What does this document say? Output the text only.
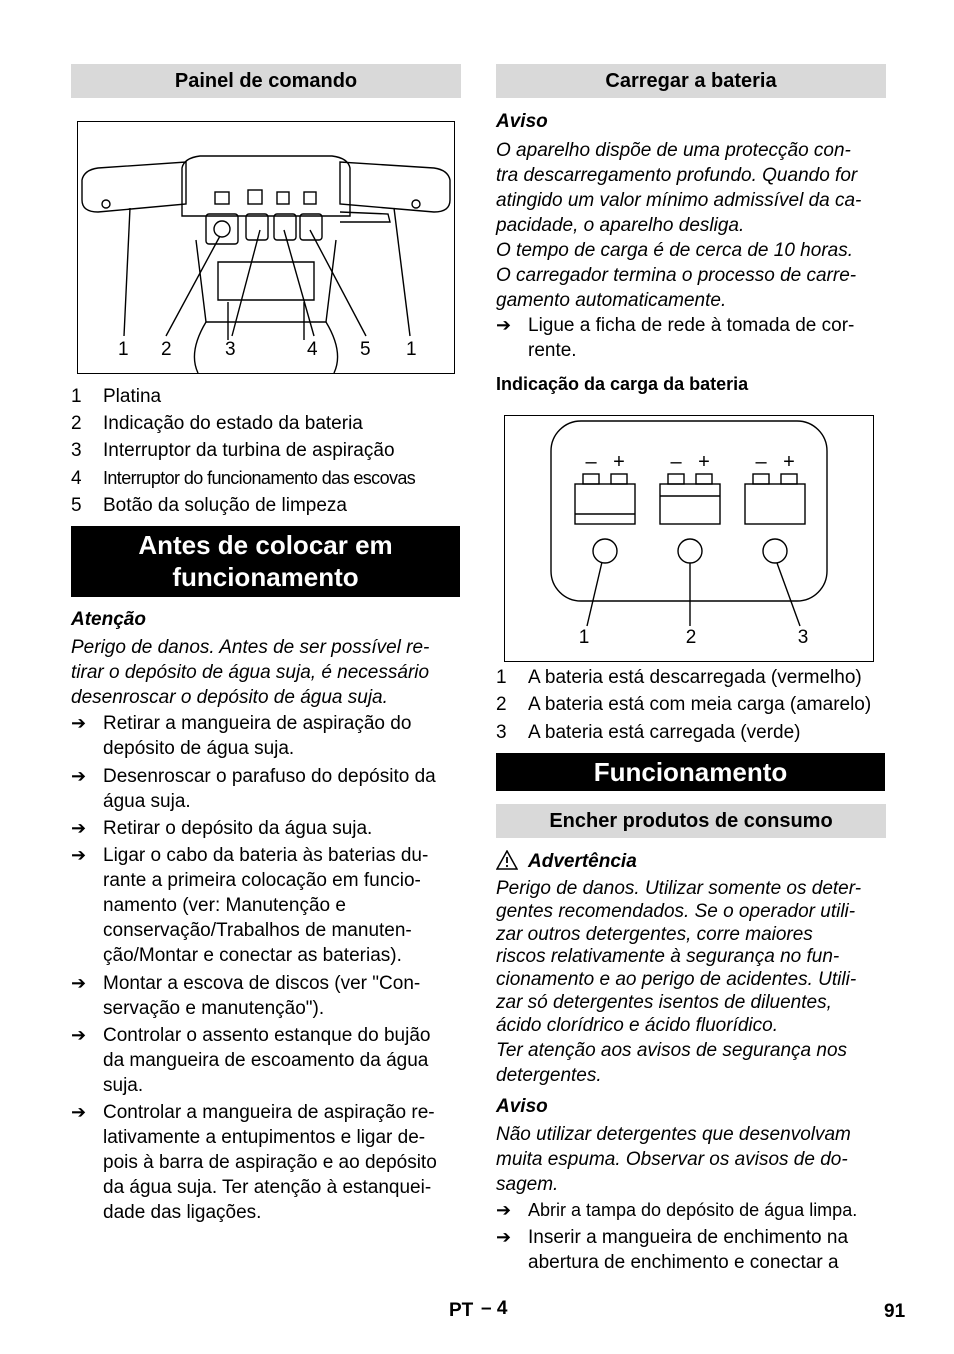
Painel de comando
1 2	3	4 5 1
1 Platina
2 Indicação do estado da bateria
3 Interruptor da turbina de aspiração
4 Interruptor do funcionamento das escovas
5 Botão da solução de limpeza
Antes de colocar em
funcionamento
Atenção
Perigo de danos. Antes de ser possível re-
tirar o depósito de água suja, é necessário
desenroscar o depósito de água suja.
➔ Retirar a mangueira de aspiração do
depósito de água suja.
➔ Desenroscar o parafuso do depósito da
água suja.
➔ Retirar o depósito da água suja.
➔ Ligar o cabo da bateria às baterias du-
rante a primeira colocação em funcio-
namento (ver: Manutenção e
conservação/Trabalhos de manuten-
ção/Montar e conectar as baterias).
➔ Montar a escova de discos (ver "Con-
servação e manutenção").
➔ Controlar o assento estanque do bujão
da mangueira de escoamento da água
suja.
➔ Controlar a mangueira de aspiração re-
lativamente a entupimentos e ligar de-
pois à barra de aspiração e ao depósito
da água suja. Ter atenção à estanquei-
dade das ligações.
Carregar a bateria
Aviso
O aparelho dispõe de uma protecção con-
tra descarregamento profundo. Quando for
atingido um valor mínimo admissível da ca-
pacidade, o aparelho desliga.
O tempo de carga é de cerca de 10 horas.
O carregador termina o processo de carre-
gamento automaticamente.
➔ Ligue a ficha de rede à tomada de cor-
rente.
Indicação da carga da bateria
– + – + – +
1	2	3
1 A bateria está descarregada (vermelho)
2 A bateria está com meia carga (amarelo)
3 A bateria está carregada (verde)
Funcionamento
Encher produtos de consumo
Advertência
Perigo de danos. Utilizar somente os deter-
gentes recomendados. Se o operador utili-
zar outros detergentes, corre maiores
riscos relativamente à segurança no fun-
cionamento e ao perigo de acidentes. Utili-
zar só detergentes isentos de diluentes,
ácido clorídrico e ácido fluorídico.
Ter atenção aos avisos de segurança nos
detergentes.
Aviso
Não utilizar detergentes que desenvolvam
muita espuma. Observar os avisos de do-
sagem.
➔ Abrir a tampa do depósito de água limpa.
➔ Inserir a mangueira de enchimento na
abertura de enchimento e conectar a
PT – 4	91
